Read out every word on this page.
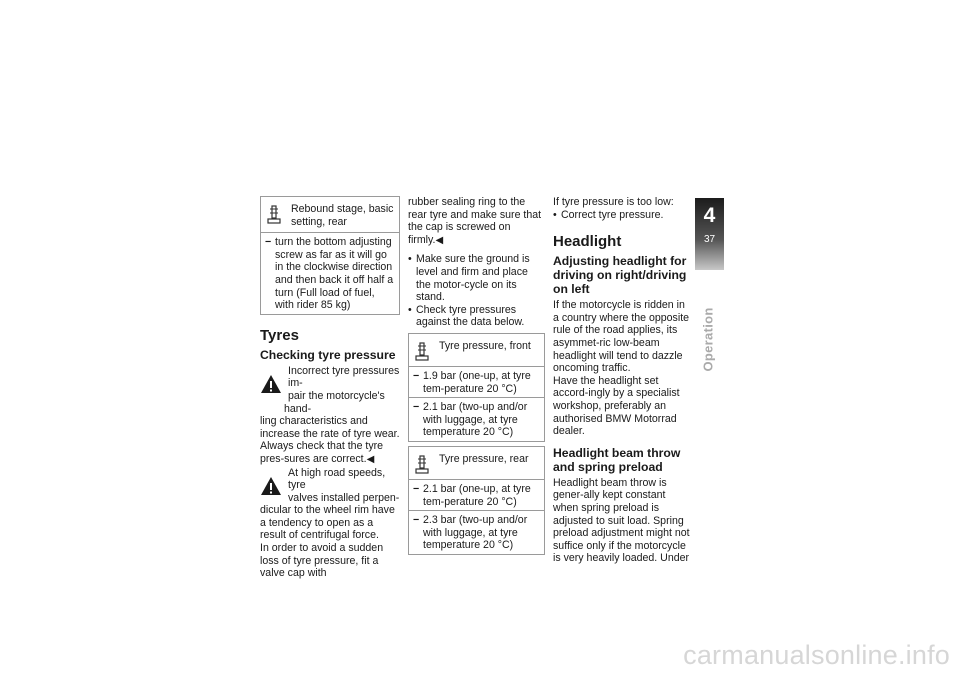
Rebound stage, basic setting, rear
− turn the bottom adjusting screw as far as it will go in the clockwise direction and then back it off half a turn (Full load of fuel, with rider 85 kg)
Tyres
Checking tyre pressure

Incorrect tyre pressures im-

pair the motorcycle's hand-

ling characteristics and increase the rate of tyre wear.

Always check that the tyre pres-sures are correct.◀

At high road speeds, tyre

valves installed perpen-

dicular to the wheel rim have a tendency to open as a result of centrifugal force.

In order to avoid a sudden loss of tyre pressure, fit a valve cap with

rubber sealing ring to the rear tyre and make sure that the cap is screwed on firmly.◀

• Make sure the ground is level and firm and place the motor-cycle on its stand.
• Check tyre pressures against the data below.
Tyre pressure, front
− 1.9 bar (one-up, at tyre tem-perature 20 °C)
− 2.1 bar (two-up and/or with luggage, at tyre temperature 20 °C)
Tyre pressure, rear
− 2.1 bar (one-up, at tyre tem-perature 20 °C)
− 2.3 bar (two-up and/or with luggage, at tyre temperature 20 °C)

If tyre pressure is too low:

• Correct tyre pressure.
Headlight
Adjusting headlight for driving on right/driving on left

If the motorcycle is ridden in a country where the opposite rule of the road applies, its asymmet-ric low-beam headlight will tend to dazzle oncoming traffic.

Have the headlight set accord-ingly by a specialist workshop, preferably an authorised BMW Motorrad dealer.

Headlight beam throw and spring preload

Headlight beam throw is gener-ally kept constant when spring preload is adjusted to suit load. Spring preload adjustment might not suffice only if the motorcycle is very heavily loaded. Under

4
37
Operation
carmanualsonline.info
